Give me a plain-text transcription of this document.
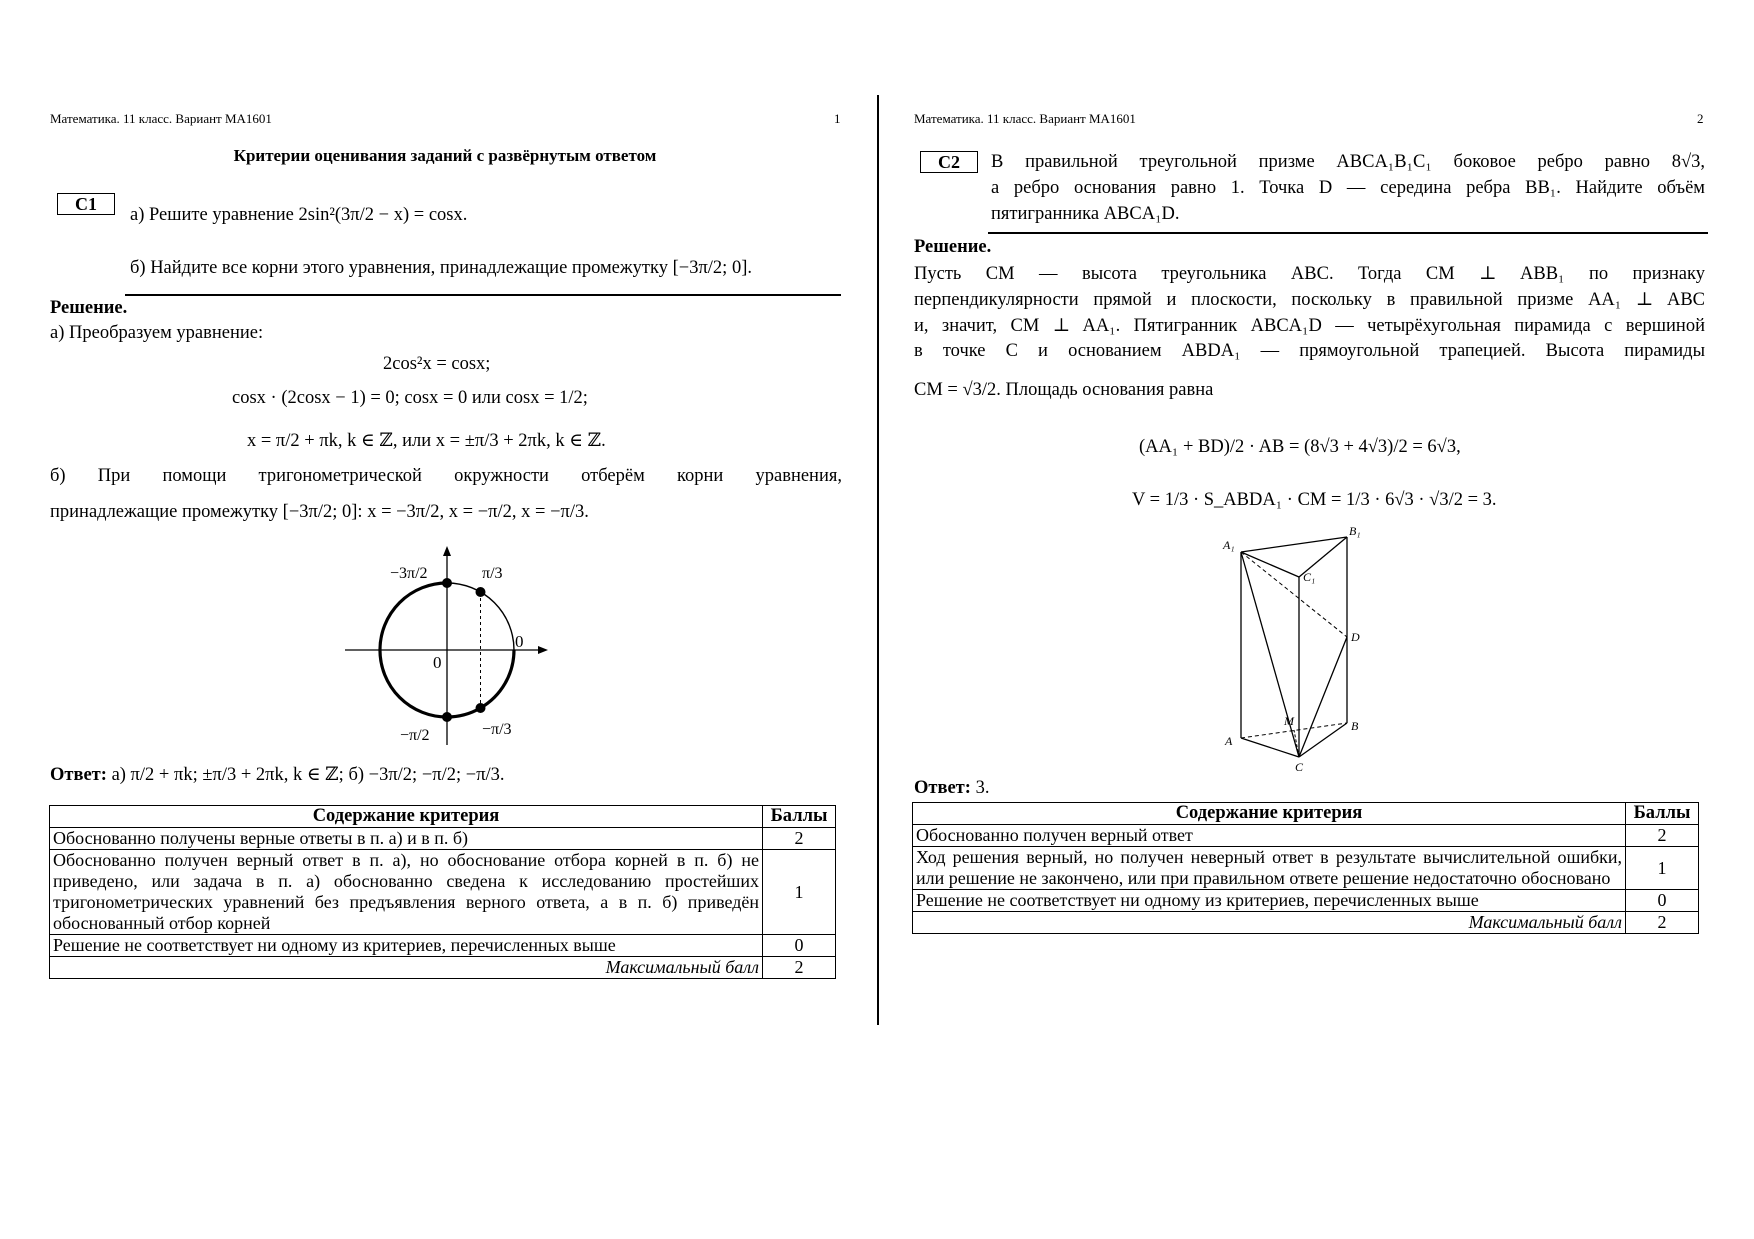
Математика. 11 класс. Вариант МА1601	1
Критерии оценивания заданий с развёрнутым ответом
C1
а) Решите уравнение 2sin²(3π/2 − x) = cosx.
б) Найдите все корни этого уравнения, принадлежащие промежутку [−3π/2; 0].
Решение.
а) Преобразуем уравнение:
2cos²x = cosx;
cosx · (2cosx − 1) = 0; cosx = 0 или cosx = 1/2;
x = π/2 + πk, k ∈ ℤ, или x = ±π/3 + 2πk, k ∈ ℤ.
б) При помощи тригонометрической окружности отберём корни уравнения,
принадлежащие промежутку [−3π/2; 0]: x = −3π/2, x = −π/2, x = −π/3.
−3π/2	π/3
0
0
−π/2	−π/3
Ответ: а) π/2 + πk; ±π/3 + 2πk, k ∈ ℤ; б) −3π/2; −π/2; −π/3.
Содержание критерия	Баллы
Обоснованно получены верные ответы в п. а) и в п. б)	2
Обоснованно получен верный ответ в п. а), но обоснование отбора корней в п. б) не приведено, или задача в п. а) обоснованно сведена к исследованию простейших тригонометрических уравнений без предъявления верного ответа, а в п. б) приведён обоснованный отбор корней	1
Решение не соответствует ни одному из критериев, перечисленных выше	0
Максимальный балл	2
Математика. 11 класс. Вариант МА1601	2
C2	В правильной треугольной призме ABCA₁B₁C₁ боковое ребро равно 8√3,
а ребро основания равно 1. Точка D — середина ребра BB₁. Найдите объём
пятигранника ABCA₁D.
Решение.
Пусть CM — высота треугольника ABC. Тогда CM ⊥ ABB₁ по признаку
перпендикулярности прямой и плоскости, поскольку в правильной призме AA₁ ⊥ ABC
и, значит, CM ⊥ AA₁. Пятигранник ABCA₁D — четырёхугольная пирамида с вершиной
в точке C и основанием ABDA₁ — прямоугольной трапецией. Высота пирамиды
CM = √3/2. Площадь основания равна
(AA₁ + BD)/2 · AB = (8√3 + 4√3)/2 = 6√3,
V = 1/3 · S_ABDA₁ · CM = 1/3 · 6√3 · √3/2 = 3.
A₁
B₁
C₁
D
M
A
B
C
Ответ: 3.
Содержание критерия	Баллы
Обоснованно получен верный ответ	2
Ход решения верный, но получен неверный ответ в результате вычислительной ошибки, или решение не закончено, или при правильном ответе решение недостаточно обосновано	1
Решение не соответствует ни одному из критериев, перечисленных выше	0
Максимальный балл	2
